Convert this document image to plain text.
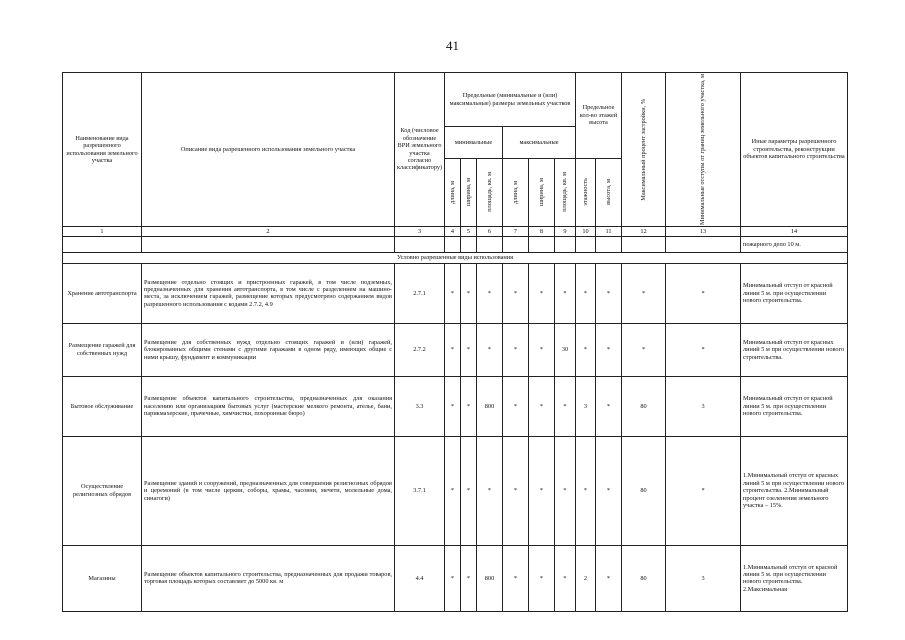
41
Наименование вида разрешенного использования земельного участка	Описание вида разрешенного использования земельного участка	Код (числовое обозначение ВРИ земельного участка согласно классификатору)	Предельные (минимальные и (или) максимальные) размеры земельных участков						Предельное кол-во этажей высота		Максимальный процент застройки, %	Минимальные отступы от границ земельного участка, м	Иные параметры разрешенного строительства, реконструкции объектов капитального строительства
			минимальные			максимальные							

			длина, м	ширина, м	площадь, кв. м	длина, м	ширина, м	площадь, кв. м	этажность	высота, м			

1	2	3	4	5	6	7	8	9	10	11	12	13	14
													пожарного депо 10 м.
Условно разрешенные виды использования													
Хранение автотранспорта	Размещение отдельно стоящих и пристроенных гаражей, в том числе подземных, предназначенных для хранения автотранспорта, в том числе с разделением на машино-места, за исключением гаражей, размещение которых предусмотрено содержанием видов разрешенного использования с кодами 2.7.2, 4.9	2.7.1	*	*	*	*	*	*	*	*	*	*	Минимальный отступ от красной линии 5 м. при осуществлении нового строительства.
Размещение гаражей для собственных нужд	Размещение для собственных нужд отдельно стоящих гаражей и (или) гаражей, блокированных общими стенами с другими гаражами в одном ряду, имеющих общие с ними крышу, фундамент и коммуникации	2.7.2	*	*	*	*	*	30	*	*	*	*	Минимальный отступ от красных линий 5 м при осуществлении нового строительства.
Бытовое обслуживание	Размещение объектов капитального строительства, предназначенных для оказания населению или организациям бытовых услуг (мастерские мелкого ремонта, ателье, бани, парикмахерские, прачечные, химчистки, похоронные бюро)	3.3	*	*	800	*	*	*	3	*	80	3	Минимальный отступ от красной линии 5 м. при осуществлении нового строительства.
Осуществление религиозных обрядов	Размещение зданий и сооружений, предназначенных для совершения религиозных обрядов и церемоний (в том числе церкви, соборы, храмы, часовни, мечети, молельные дома, синагоги)	3.7.1	*	*	*	*	*	*	*	*	80	*	1.Минимальный отступ от красных линий 5 м при осуществлении нового строительства. 2.Минимальный процент озеленения земельного участка – 15%.
Магазины	Размещение объектов капитального строительства, предназначенных для продажи товаров, торговая площадь которых составляет до 5000 кв. м	4.4	*	*	800	*	*	*	2	*	80	3	1.Минимальный отступ от красной линии 5 м. при осуществлении нового строительства. 2.Максимальная
